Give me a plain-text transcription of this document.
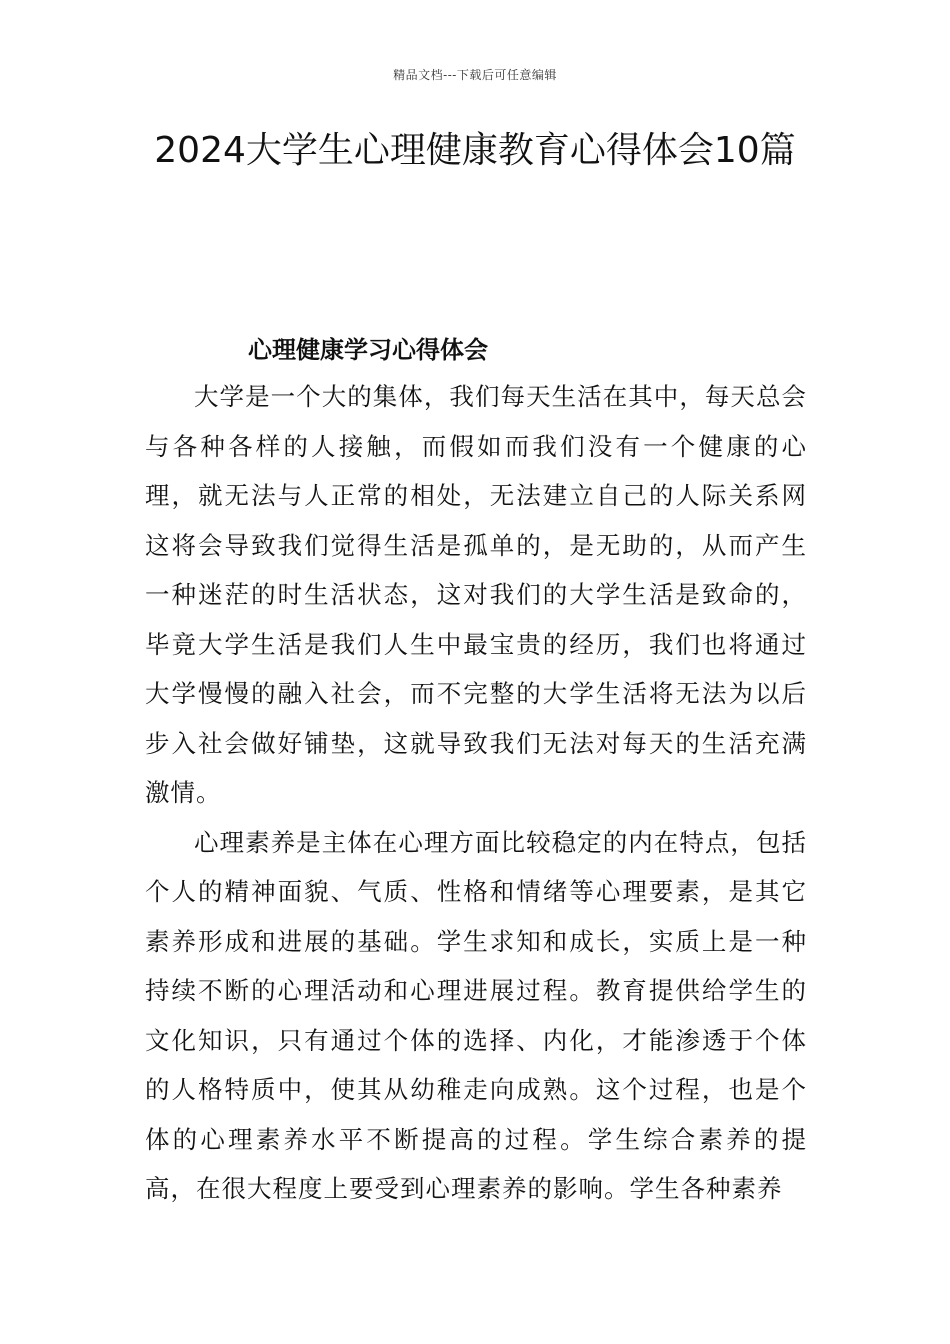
精品文档---下载后可任意编辑
2024大学生心理健康教育心得体会10篇
心理健康学习心得体会

大学是一个大的集体，我们每天生活在其中，每天总会与各种各样的人接触，而假如而我们没有一个健康的心理，就无法与人正常的相处，无法建立自己的人际关系网这将会导致我们觉得生活是孤单的，是无助的，从而产生一种迷茫的时生活状态，这对我们的大学生活是致命的，毕竟大学生活是我们人生中最宝贵的经历，我们也将通过大学慢慢的融入社会，而不完整的大学生活将无法为以后步入社会做好铺垫，这就导致我们无法对每天的生活充满激情。

心理素养是主体在心理方面比较稳定的内在特点，包括个人的精神面貌、气质、性格和情绪等心理要素，是其它素养形成和进展的基础。学生求知和成长，实质上是一种持续不断的心理活动和心理进展过程。教育提供给学生的文化知识，只有通过个体的选择、内化，才能渗透于个体的人格特质中，使其从幼稚走向成熟。这个过程，也是个体的心理素养水平不断提高的过程。学生综合素养的提高，在很大程度上要受到心理素养的影响。学生各种素养
